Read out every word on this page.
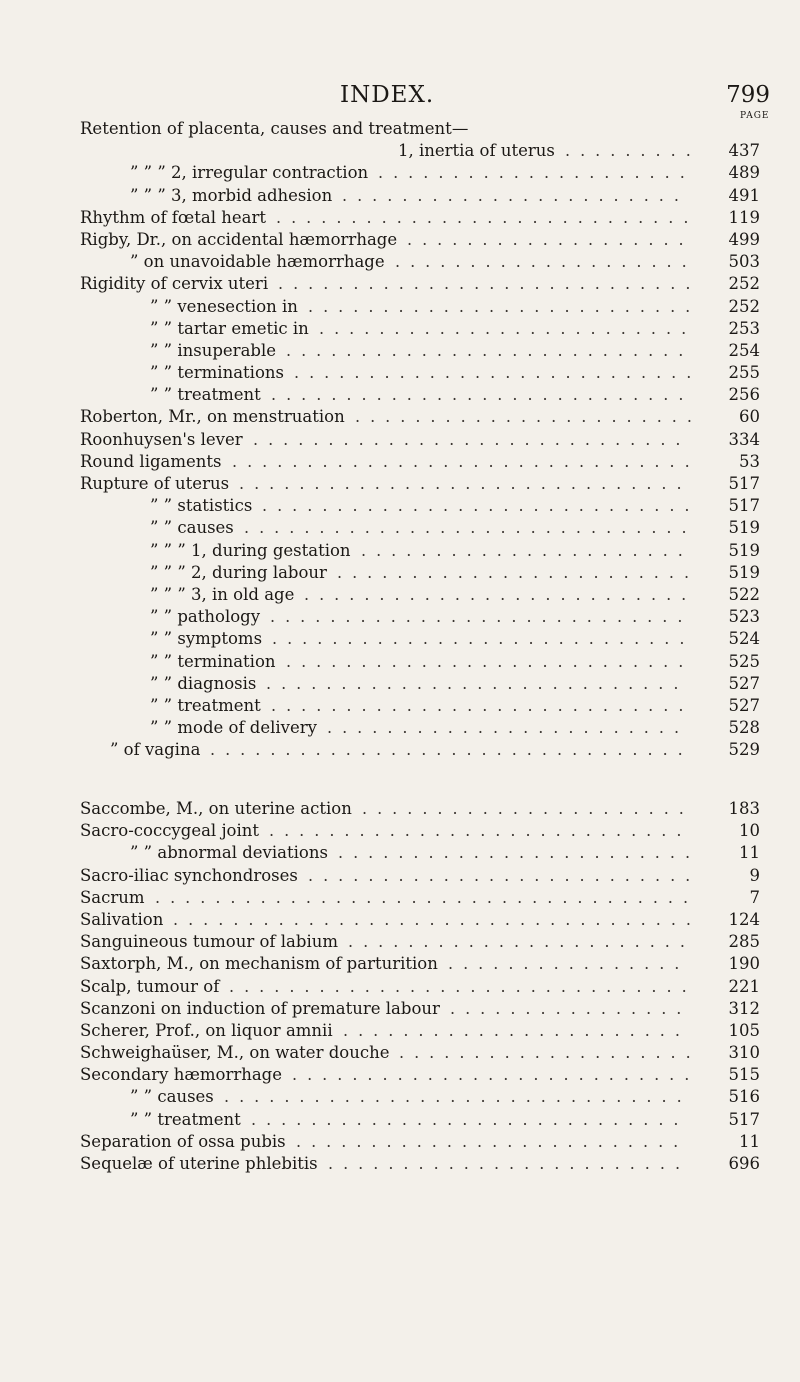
INDEX.	799
PAGE
Retention of placenta, causes and treatment—
1, inertia of uterus	437
.........
” ” ” 2, irregular contraction	489
.....................
” ” ” 3, morbid adhesion	491
.......................
Rhythm of fœtal heart	119
............................
Rigby, Dr., on accidental hæmorrhage	499
...................
” on unavoidable hæmorrhage	503
....................
Rigidity of cervix uteri	252
............................
” ” venesection in	252
..........................
” ” tartar emetic in	253
.........................
” ” insuperable	254
...........................
” ” terminations	255
...........................
” ” treatment	256
............................
Roberton, Mr., on menstruation	60
.......................
Roonhuysen's lever	334
.............................
Round ligaments	53
...............................
Rupture of uterus	517
..............................
” ” statistics	517
.............................
” ” causes	519
..............................
” ” ” 1, during gestation	519
......................
” ” ” 2, during labour	519
........................
” ” ” 3, in old age	522
..........................
” ” pathology	523
............................
” ” symptoms	524
............................
” ” termination	525
...........................
” ” diagnosis	527
............................
” ” treatment	527
............................
” ” mode of delivery	528
........................
” of vagina	529
................................
Saccombe, M., on uterine action	183
......................
Sacro-coccygeal joint	10
............................
” ” abnormal deviations	11
........................
Sacro-iliac synchondroses	9
..........................
Sacrum	7
....................................
Salivation	124
...................................
Sanguineous tumour of labium	285
.......................
Saxtorph, M., on mechanism of parturition	190
................
Scalp, tumour of	221
...............................
Scanzoni on induction of premature labour	312
................
Scherer, Prof., on liquor amnii	105
.......................
Schweighaüser, M., on water douche	310
....................
Secondary hæmorrhage	515
...........................
” ” causes	516
...............................
” ” treatment	517
.............................
Separation of ossa pubis	11
..........................
Sequelæ of uterine phlebitis	696
........................
